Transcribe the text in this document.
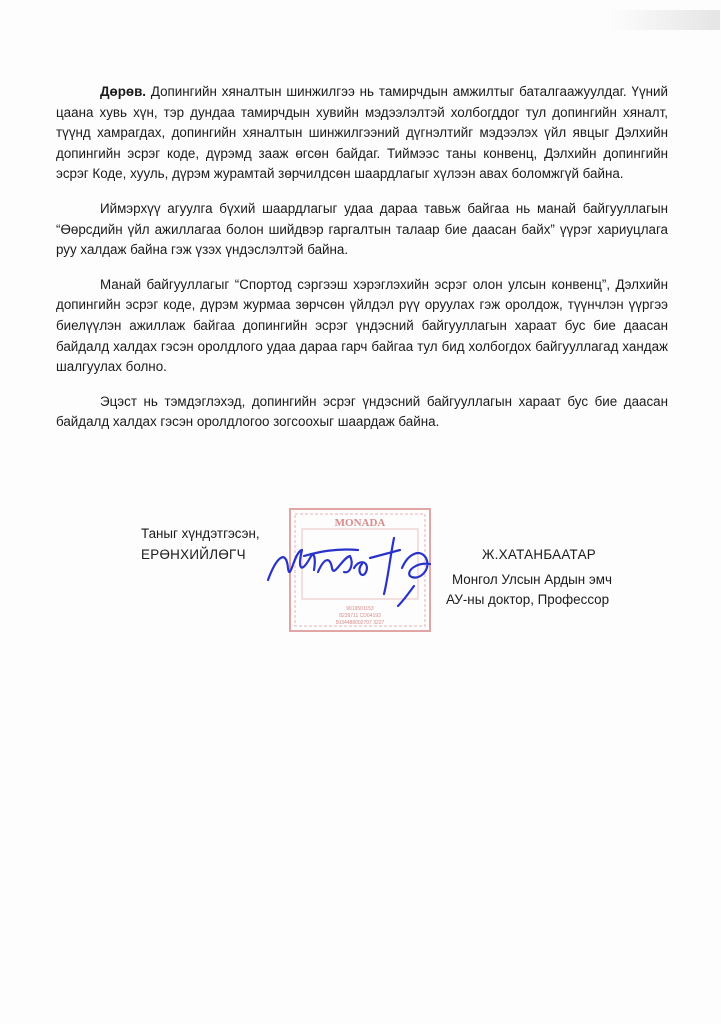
Дөрөв. Допингийн хяналтын шинжилгээ нь тамирчдын амжилтыг баталгаажуулдаг. Үүний цаана хувь хүн, тэр дундаа тамирчдын хувийн мэдээлэлтэй холбогддог тул допингийн хяналт, түүнд хамрагдах, допингийн хяналтын шинжилгээний дүгнэлтийг мэдээлэх үйл явцыг Дэлхийн допингийн эсрэг коде, дүрэмд зааж өгсөн байдаг. Тиймээс таны конвенц, Дэлхийн допингийн эсрэг Коде, хууль, дүрэм журамтай зөрчилдсөн шаардлагыг хүлээн авах боломжгүй байна.

Иймэрхүү агуулга бүхий шаардлагыг удаа дараа тавьж байгаа нь манай байгууллагын “Өөрсдийн үйл ажиллагаа болон шийдвэр гаргалтын талаар бие даасан байх” үүрэг хариуцлага руу халдаж байна гэж үзэх үндэслэлтэй байна.

Манай байгууллагыг “Спортод сэргээш хэрэглэхийн эсрэг олон улсын конвенц”, Дэлхийн допингийн эсрэг коде, дүрэм журмаа зөрчсөн үйлдэл рүү оруулах гэж оролдож, түүнчлэн үүргээ биелүүлэн ажиллаж байгаа допингийн эсрэг үндэсний байгууллагын хараат бус бие даасан байдалд халдах гэсэн оролдлого удаа дараа гарч байгаа тул бид холбогдох байгууллагад хандаж шалгуулах болно.

Эцэст нь тэмдэглэхэд, допингийн эсрэг үндэсний байгууллагын хараат бус бие даасан байдалд халдах гэсэн оролдлогоо зогсоохыг шаардаж байна.

MONADA
9019501153
8239711 CD04193
5034488002707 3227
Таныг хүндэтгэсэн,
ЕРӨНХИЙЛӨГЧ	Ж.ХАТАНБААТАР
Монгол Улсын Ардын эмч
АУ-ны доктор, Профессор
